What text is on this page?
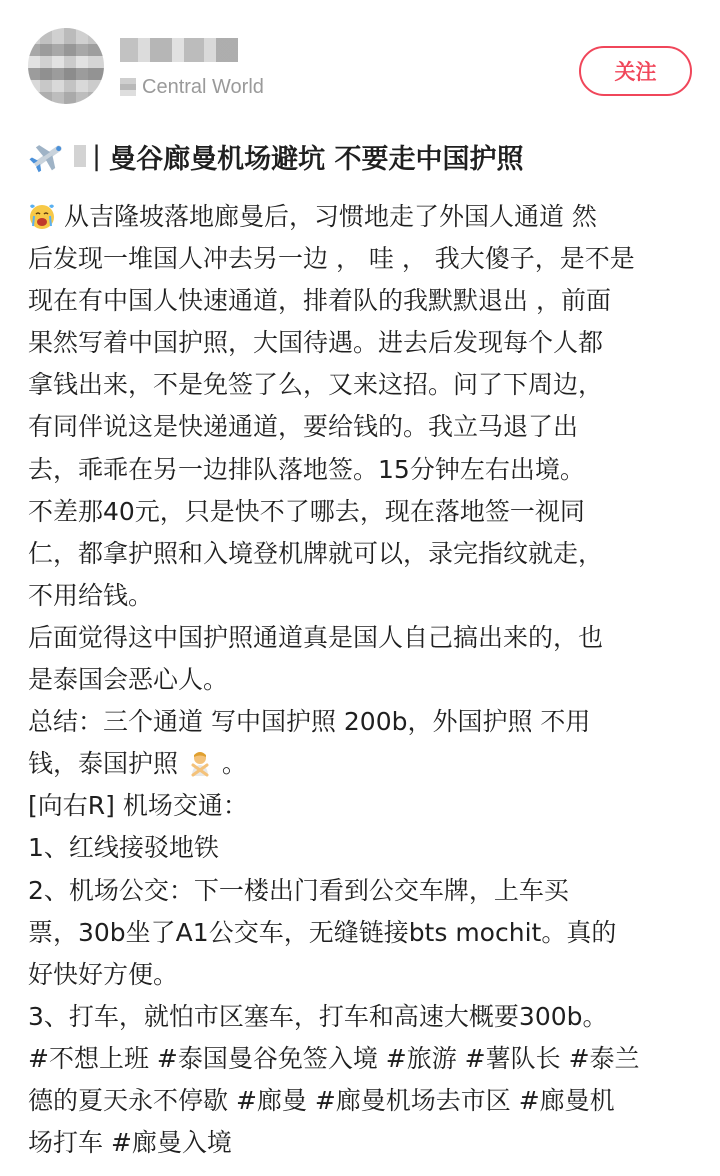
Central World
关注
| 曼谷廊曼机场避坑 不要走中国护照
从吉隆坡落地廊曼后，习惯地走了外国人通道 然
后发现一堆国人冲去另一边 ， 哇 ， 我大傻子，是不是
现在有中国人快速通道，排着队的我默默退出 ，前面
果然写着中国护照，大国待遇。进去后发现每个人都
拿钱出来，不是免签了么，又来这招。问了下周边，
有同伴说这是快递通道，要给钱的。我立马退了出
去，乖乖在另一边排队落地签。15分钟左右出境。
不差那40元，只是快不了哪去，现在落地签一视同
仁，都拿护照和入境登机牌就可以，录完指纹就走，
不用给钱。
后面觉得这中国护照通道真是国人自己搞出来的，也
是泰国会恶心人。
总结：三个通道 写中国护照 200b，外国护照 不用
钱，泰国护照  。
[向右R] 机场交通：
1、红线接驳地铁
2、机场公交：下一楼出门看到公交车牌，上车买
票，30b坐了A1公交车，无缝链接bts mochit。真的
好快好方便。
3、打车，就怕市区塞车，打车和高速大概要300b。
#不想上班 #泰国曼谷免签入境 #旅游 #薯队长 #泰兰
德的夏天永不停歇 #廊曼 #廊曼机场去市区 #廊曼机
场打车 #廊曼入境
